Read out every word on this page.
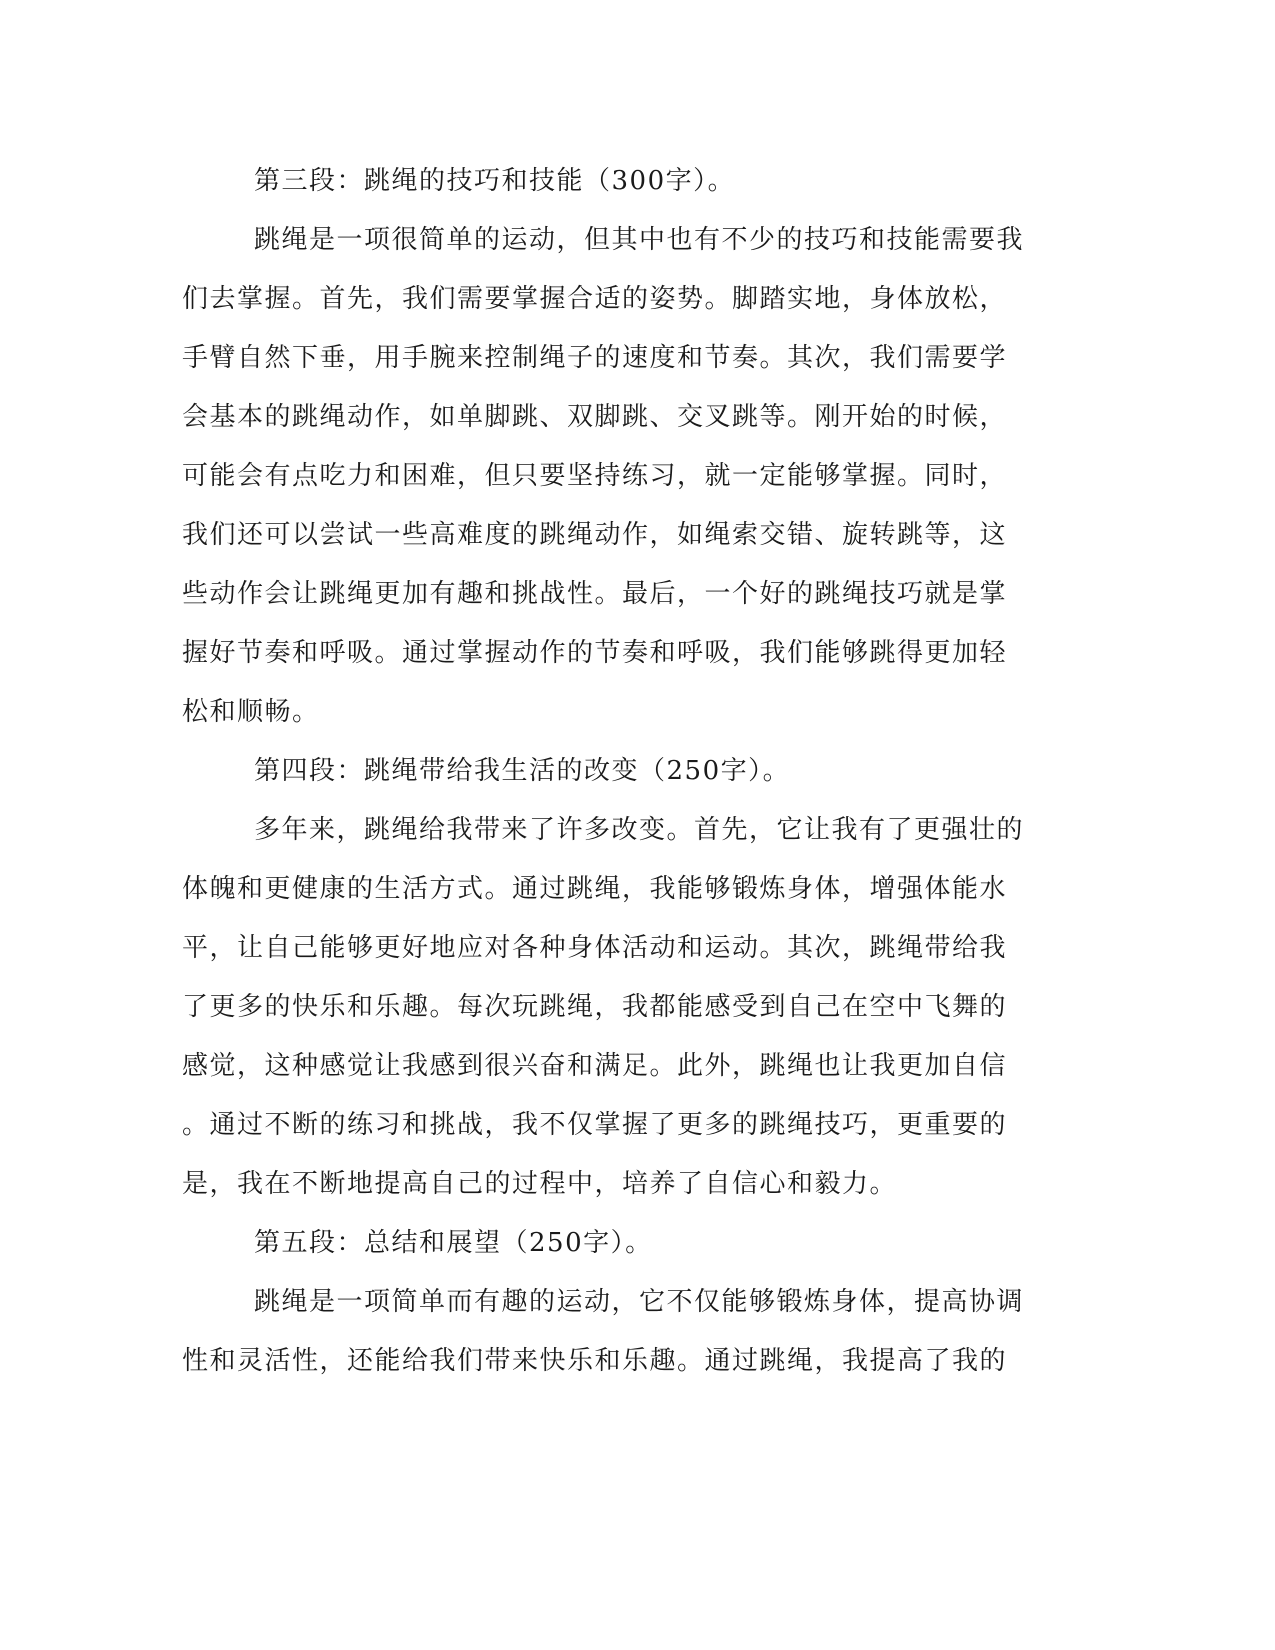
第三段：跳绳的技巧和技能（300字）。
跳绳是一项很简单的运动，但其中也有不少的技巧和技能需要我
们去掌握。首先，我们需要掌握合适的姿势。脚踏实地，身体放松，
手臂自然下垂，用手腕来控制绳子的速度和节奏。其次，我们需要学
会基本的跳绳动作，如单脚跳、双脚跳、交叉跳等。刚开始的时候，
可能会有点吃力和困难，但只要坚持练习，就一定能够掌握。同时，
我们还可以尝试一些高难度的跳绳动作，如绳索交错、旋转跳等，这
些动作会让跳绳更加有趣和挑战性。最后，一个好的跳绳技巧就是掌
握好节奏和呼吸。通过掌握动作的节奏和呼吸，我们能够跳得更加轻
松和顺畅。
第四段：跳绳带给我生活的改变（250字）。
多年来，跳绳给我带来了许多改变。首先，它让我有了更强壮的
体魄和更健康的生活方式。通过跳绳，我能够锻炼身体，增强体能水
平，让自己能够更好地应对各种身体活动和运动。其次，跳绳带给我
了更多的快乐和乐趣。每次玩跳绳，我都能感受到自己在空中飞舞的
感觉，这种感觉让我感到很兴奋和满足。此外，跳绳也让我更加自信
。通过不断的练习和挑战，我不仅掌握了更多的跳绳技巧，更重要的
是，我在不断地提高自己的过程中，培养了自信心和毅力。
第五段：总结和展望（250字）。
跳绳是一项简单而有趣的运动，它不仅能够锻炼身体，提高协调
性和灵活性，还能给我们带来快乐和乐趣。通过跳绳，我提高了我的
